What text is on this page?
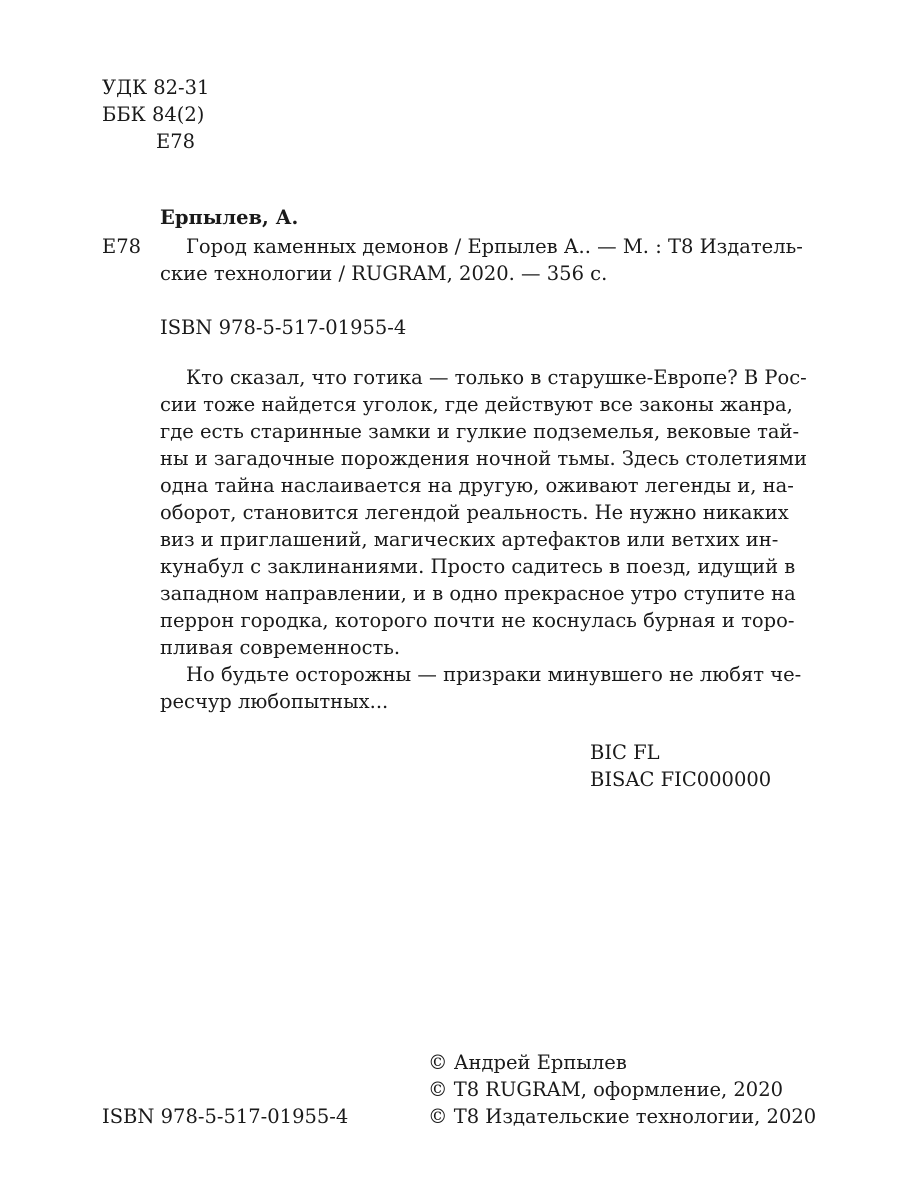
УДК 82-31
ББК 84(2)
Е78
Ерпылев, А.
Е78 Город каменных демонов / Ерпылев А.. — М. : Т8 Издатель-
ские технологии / RUGRAM, 2020. — 356 с.
ISBN 978-5-517-01955-4
Кто сказал, что готика — только в старушке-Европе? В Рос-
сии тоже найдется уголок, где действуют все законы жанра,
где есть старинные замки и гулкие подземелья, вековые тай-
ны и загадочные порождения ночной тьмы. Здесь столетиями
одна тайна наслаивается на другую, оживают легенды и, на-
оборот, становится легендой реальность. Не нужно никаких
виз и приглашений, магических артефактов или ветхих ин-
кунабул с заклинаниями. Просто садитесь в поезд, идущий в
западном направлении, и в одно прекрасное утро ступите на
перрон городка, которого почти не коснулась бурная и торо-
пливая современность.
Но будьте осторожны — призраки минувшего не любят че-
ресчур любопытных...
BIC FL
BISAC FIC000000
ISBN 978-5-517-01955-4
© Андрей Ерпылев
© Т8 RUGRAM, оформление, 2020
© Т8 Издательские технологии, 2020
